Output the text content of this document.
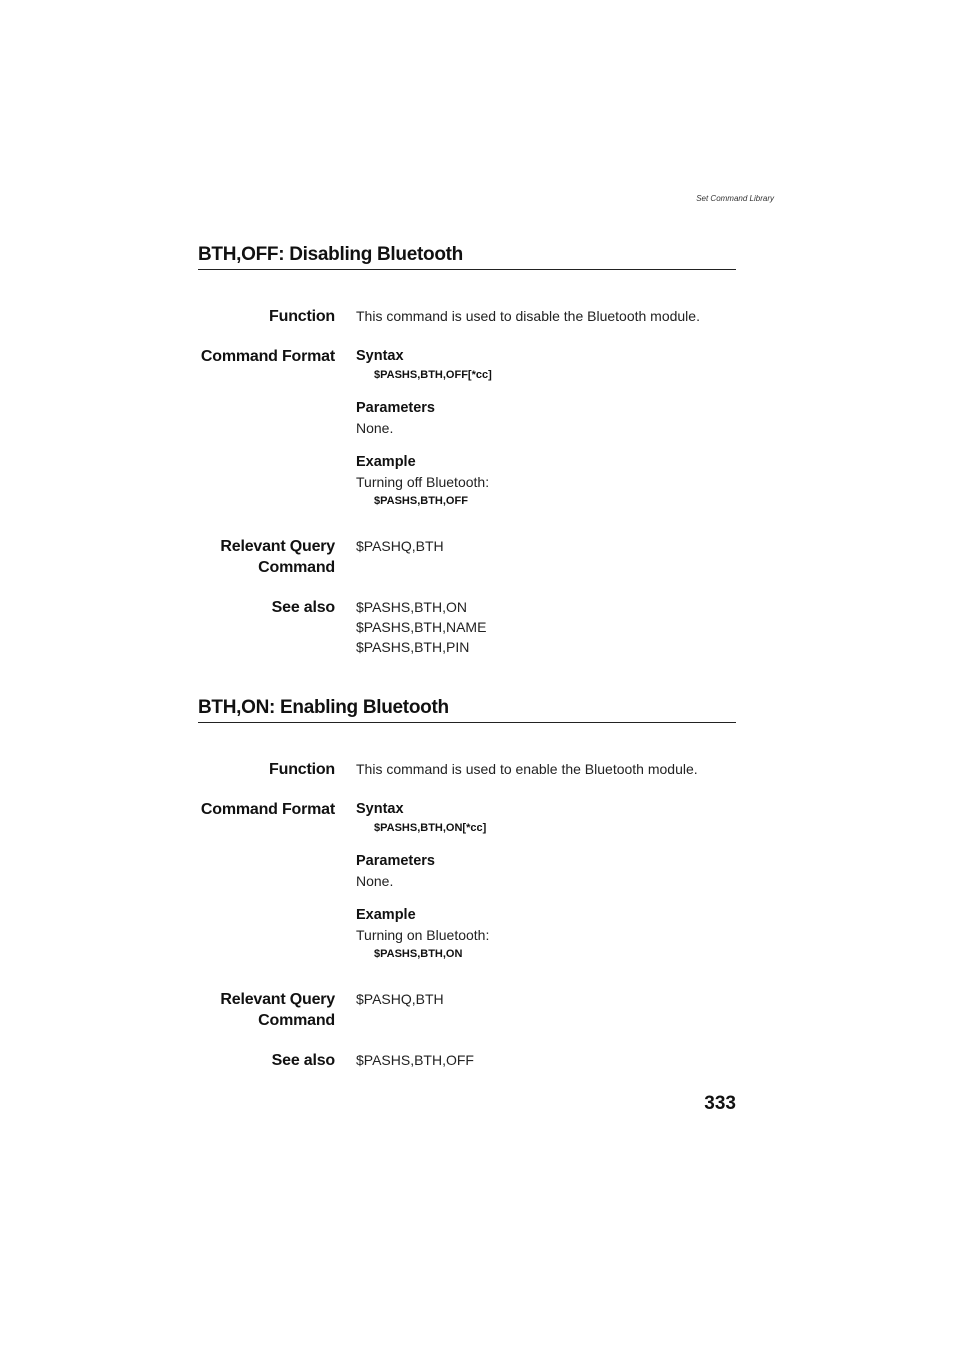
Set Command Library
BTH,OFF: Disabling Bluetooth
Function This command is used to disable the Bluetooth module.
Command Format Syntax
$PASHS,BTH,OFF[*cc]
Parameters
None.
Example
Turning off Bluetooth:
$PASHS,BTH,OFF
Relevant Query
Command
$PASHQ,BTH
See also $PASHS,BTH,ON
$PASHS,BTH,NAME
$PASHS,BTH,PIN
BTH,ON: Enabling Bluetooth
Function This command is used to enable the Bluetooth module.
Command Format Syntax
$PASHS,BTH,ON[*cc]
Parameters
None.
Example
Turning on Bluetooth:
$PASHS,BTH,ON
Relevant Query
Command
$PASHQ,BTH
See also $PASHS,BTH,OFF
333
